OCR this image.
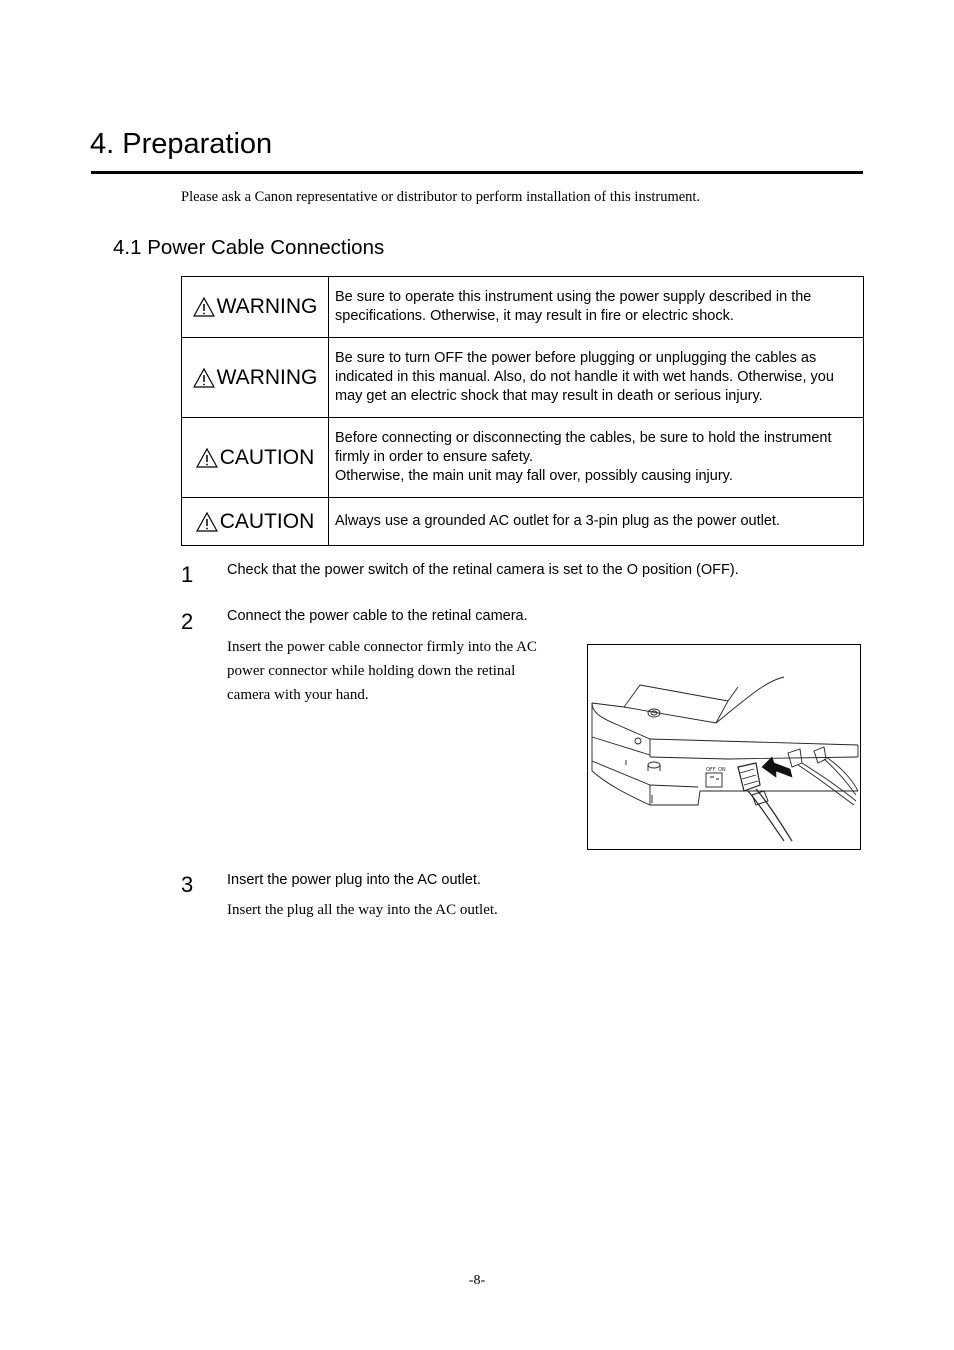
4. Preparation
Please ask a Canon representative or distributor to perform installation of this instrument.
4.1 Power Cable Connections
WARNING	Be sure to operate this instrument using the power supply described in the specifications. Otherwise, it may result in fire or electric shock.

WARNING	Be sure to turn OFF the power before plugging or unplugging the cables as indicated in this manual. Also, do not handle it with wet hands. Otherwise, you may get an electric shock that may result in death or serious injury.

CAUTION	Before connecting or disconnecting the cables, be sure to hold the instrument firmly in order to ensure safety.
Otherwise, the main unit may fall over, possibly causing injury.

CAUTION	Always use a grounded AC outlet for a 3-pin plug as the power outlet.
1 Check that the power switch of the retinal camera is set to the O position (OFF).
2 Connect the power cable to the retinal camera.
Insert the power cable connector firmly into the AC
power connector while holding down the retinal
camera with your hand.
OFF ON
3 Insert the power plug into the AC outlet.
Insert the plug all the way into the AC outlet.
-8-
